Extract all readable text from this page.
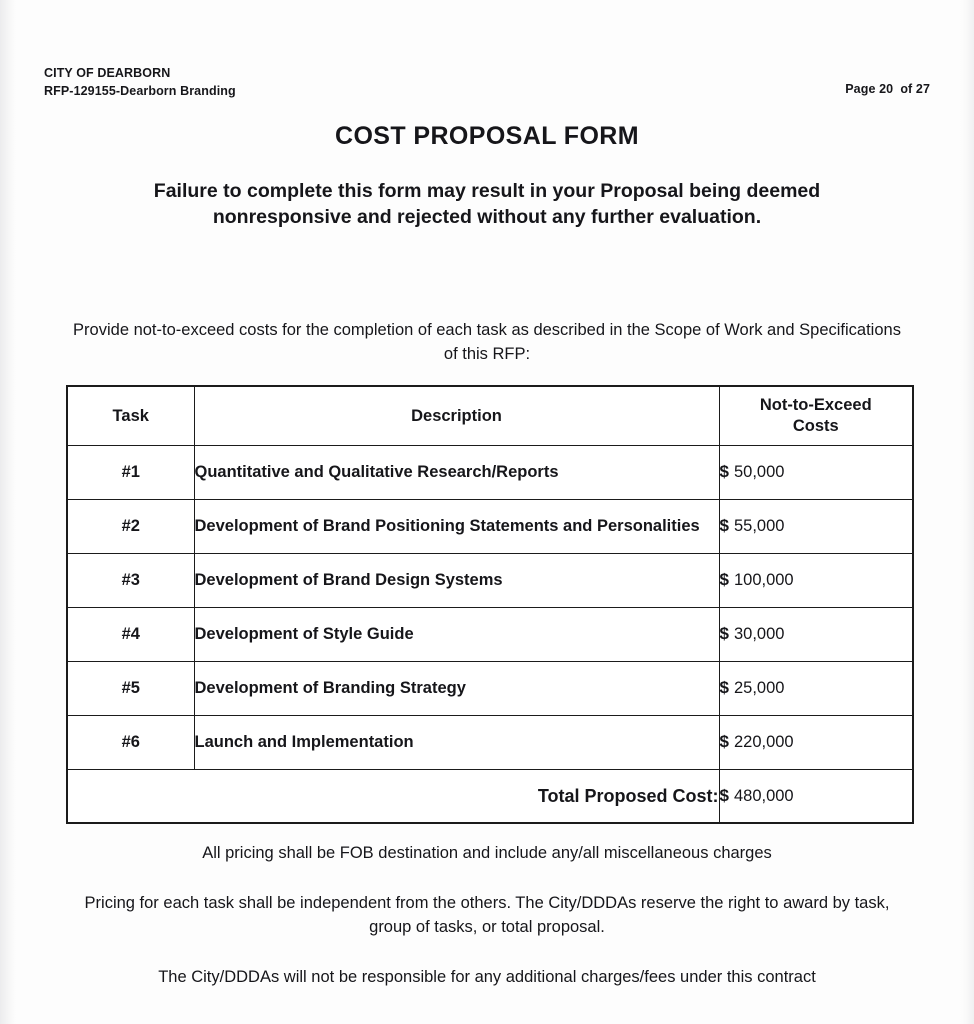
CITY OF DEARBORN
RFP-129155-Dearborn Branding	Page 20  of 27
COST PROPOSAL FORM
Failure to complete this form may result in your Proposal being deemed nonresponsive and rejected without any further evaluation.
Provide not-to-exceed costs for the completion of each task as described in the Scope of Work and Specifications of this RFP:
Task	Description	Not-to-Exceed
Costs
#1	Quantitative and Qualitative Research/Reports	$ 50,000
#2	Development of Brand Positioning Statements and Personalities	$ 55,000
#3	Development of Brand Design Systems	$ 100,000
#4	Development of Style Guide	$ 30,000
#5	Development of Branding Strategy	$ 25,000
#6	Launch and Implementation	$ 220,000
Total Proposed Cost:		$ 480,000
All pricing shall be FOB destination and include any/all miscellaneous charges
Pricing for each task shall be independent from the others. The City/DDDAs reserve the right to award by task, group of tasks, or total proposal.
The City/DDDAs will not be responsible for any additional charges/fees under this contract
